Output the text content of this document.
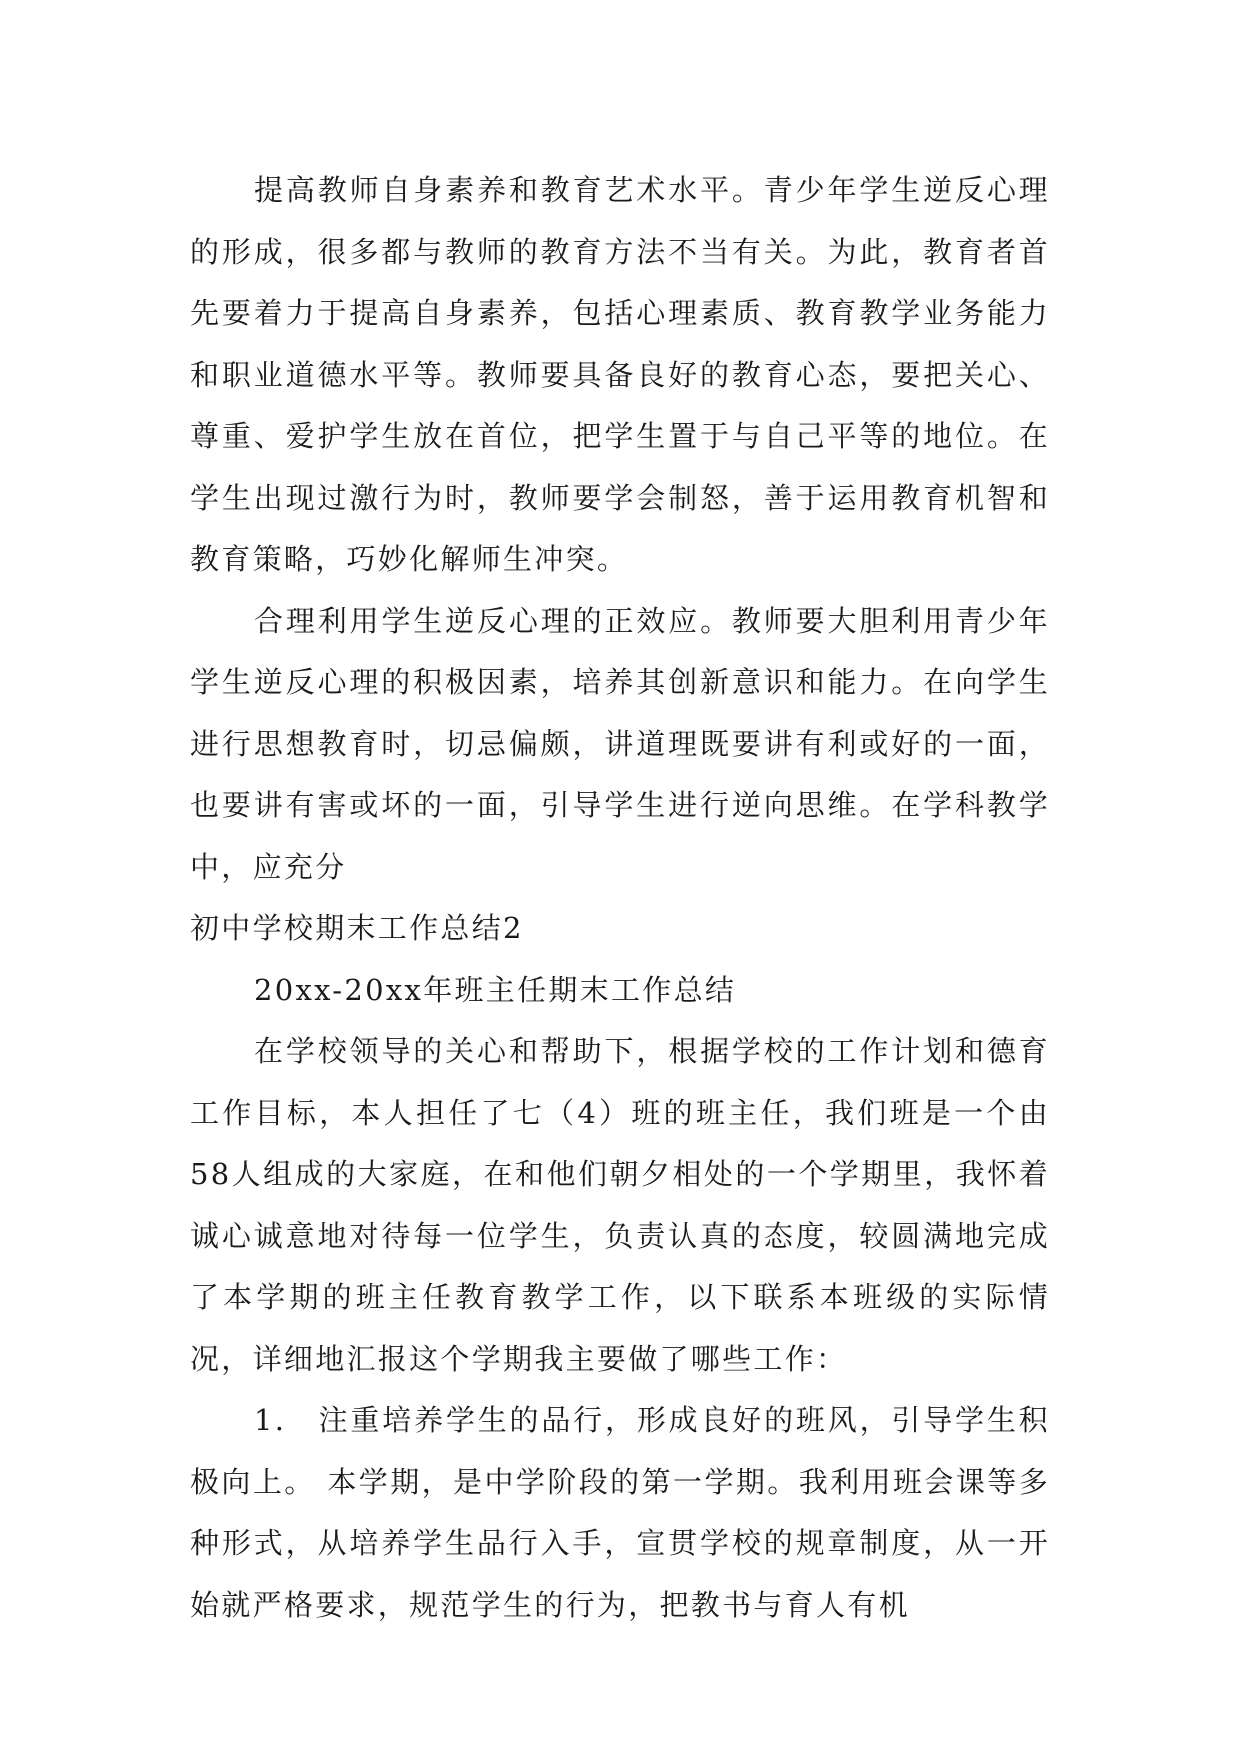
提高教师自身素养和教育艺术水平。青少年学生逆反心理的形成，很多都与教师的教育方法不当有关。为此，教育者首先要着力于提高自身素养，包括心理素质、教育教学业务能力和职业道德水平等。教师要具备良好的教育心态，要把关心、尊重、爱护学生放在首位，把学生置于与自己平等的地位。在学生出现过激行为时，教师要学会制怒，善于运用教育机智和教育策略，巧妙化解师生冲突。

合理利用学生逆反心理的正效应。教师要大胆利用青少年学生逆反心理的积极因素，培养其创新意识和能力。在向学生进行思想教育时，切忌偏颇，讲道理既要讲有利或好的一面，也要讲有害或坏的一面，引导学生进行逆向思维。在学科教学中，应充分

初中学校期末工作总结2

20xx-20xx年班主任期末工作总结

在学校领导的关心和帮助下，根据学校的工作计划和德育工作目标，本人担任了七（4）班的班主任，我们班是一个由58人组成的大家庭，在和他们朝夕相处的一个学期里，我怀着诚心诚意地对待每一位学生，负责认真的态度，较圆满地完成了本学期的班主任教育教学工作，以下联系本班级的实际情况，详细地汇报这个学期我主要做了哪些工作：

1.　注重培养学生的品行，形成良好的班风，引导学生积极向上。 本学期，是中学阶段的第一学期。我利用班会课等多种形式，从培养学生品行入手，宣贯学校的规章制度，从一开始就严格要求，规范学生的行为，把教书与育人有机
